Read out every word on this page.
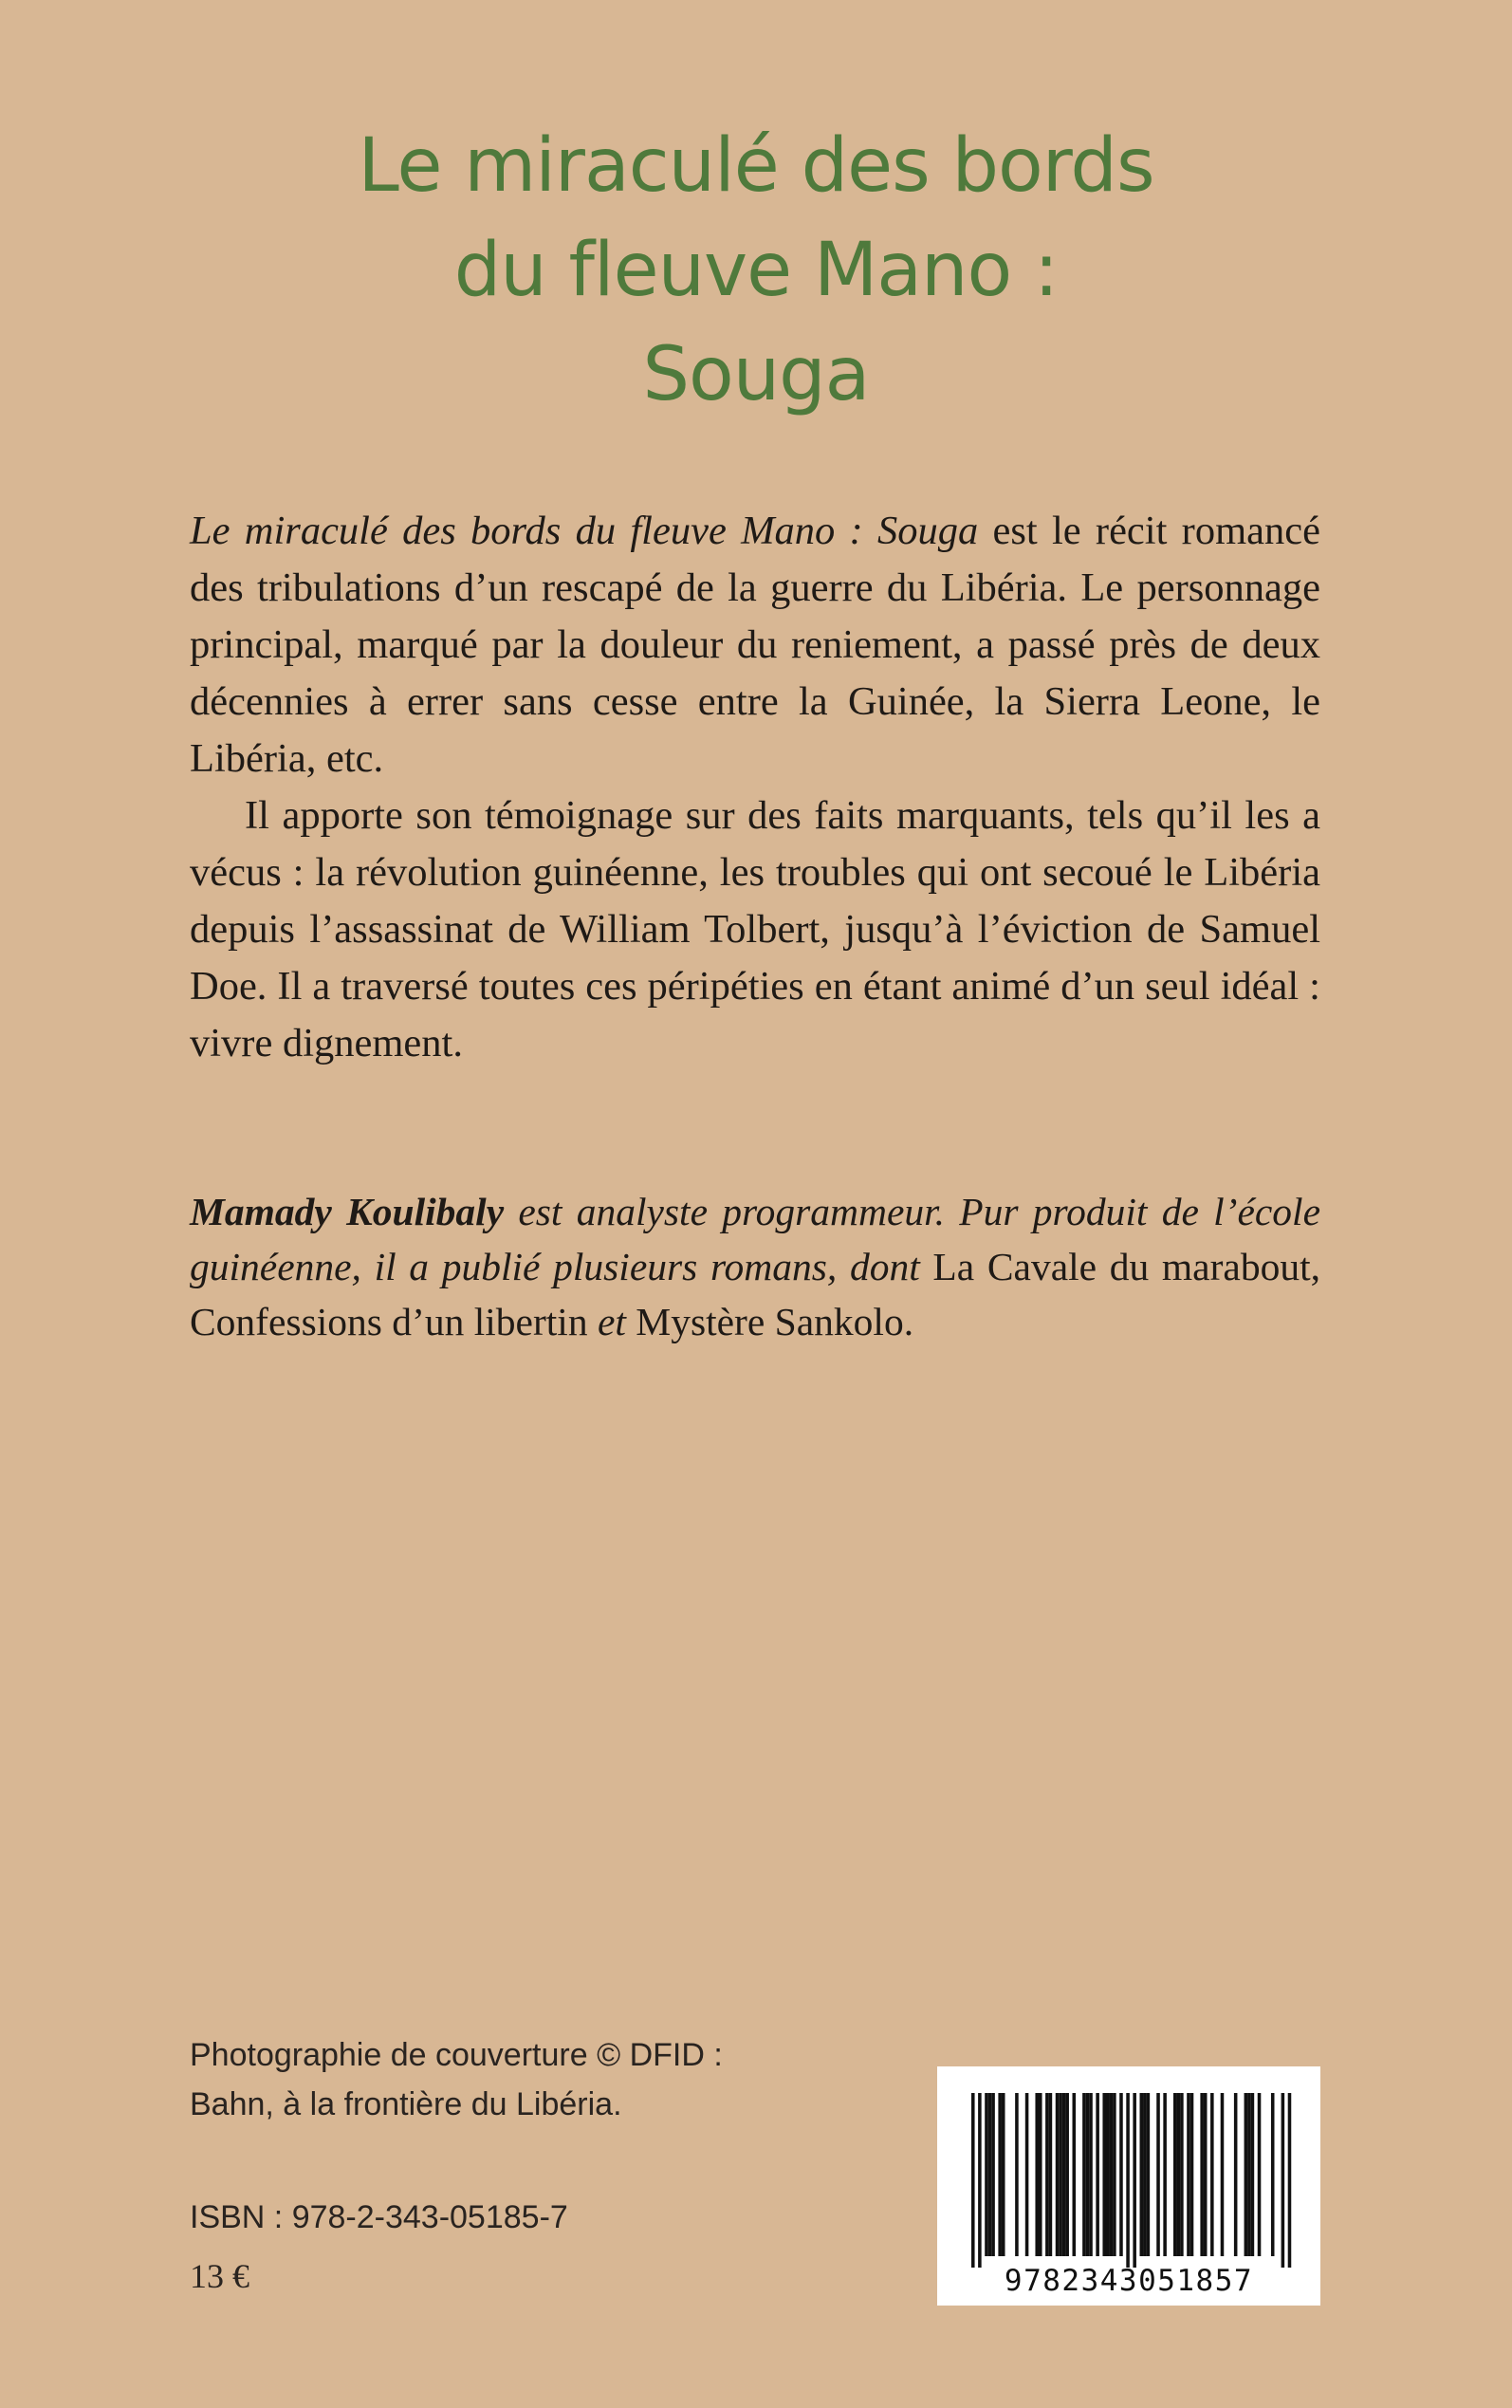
Le miraculé des bords
du fleuve Mano :
Souga

Le miraculé des bords du fleuve Mano : Souga est le récit romancé des tribulations d’un rescapé de la guerre du Libéria. Le personnage principal, marqué par la douleur du reniement, a passé près de deux décennies à errer sans cesse entre la Guinée, la Sierra Leone, le Libéria, etc.

Il apporte son témoignage sur des faits marquants, tels qu’il les a vécus : la révolution guinéenne, les troubles qui ont secoué le Libéria depuis l’assassinat de William Tolbert, jusqu’à l’éviction de Samuel Doe. Il a traversé toutes ces péripéties en étant animé d’un seul idéal : vivre dignement.

Mamady Koulibaly est analyste programmeur. Pur produit de l’école guinéenne, il a publié plusieurs romans, dont La Cavale du marabout, Confessions d’un libertin et Mystère Sankolo.

Photographie de couverture © DFID :
Bahn, à la frontière du Libéria.
ISBN : 978-2-343-05185-7
13 €	9782343051857
